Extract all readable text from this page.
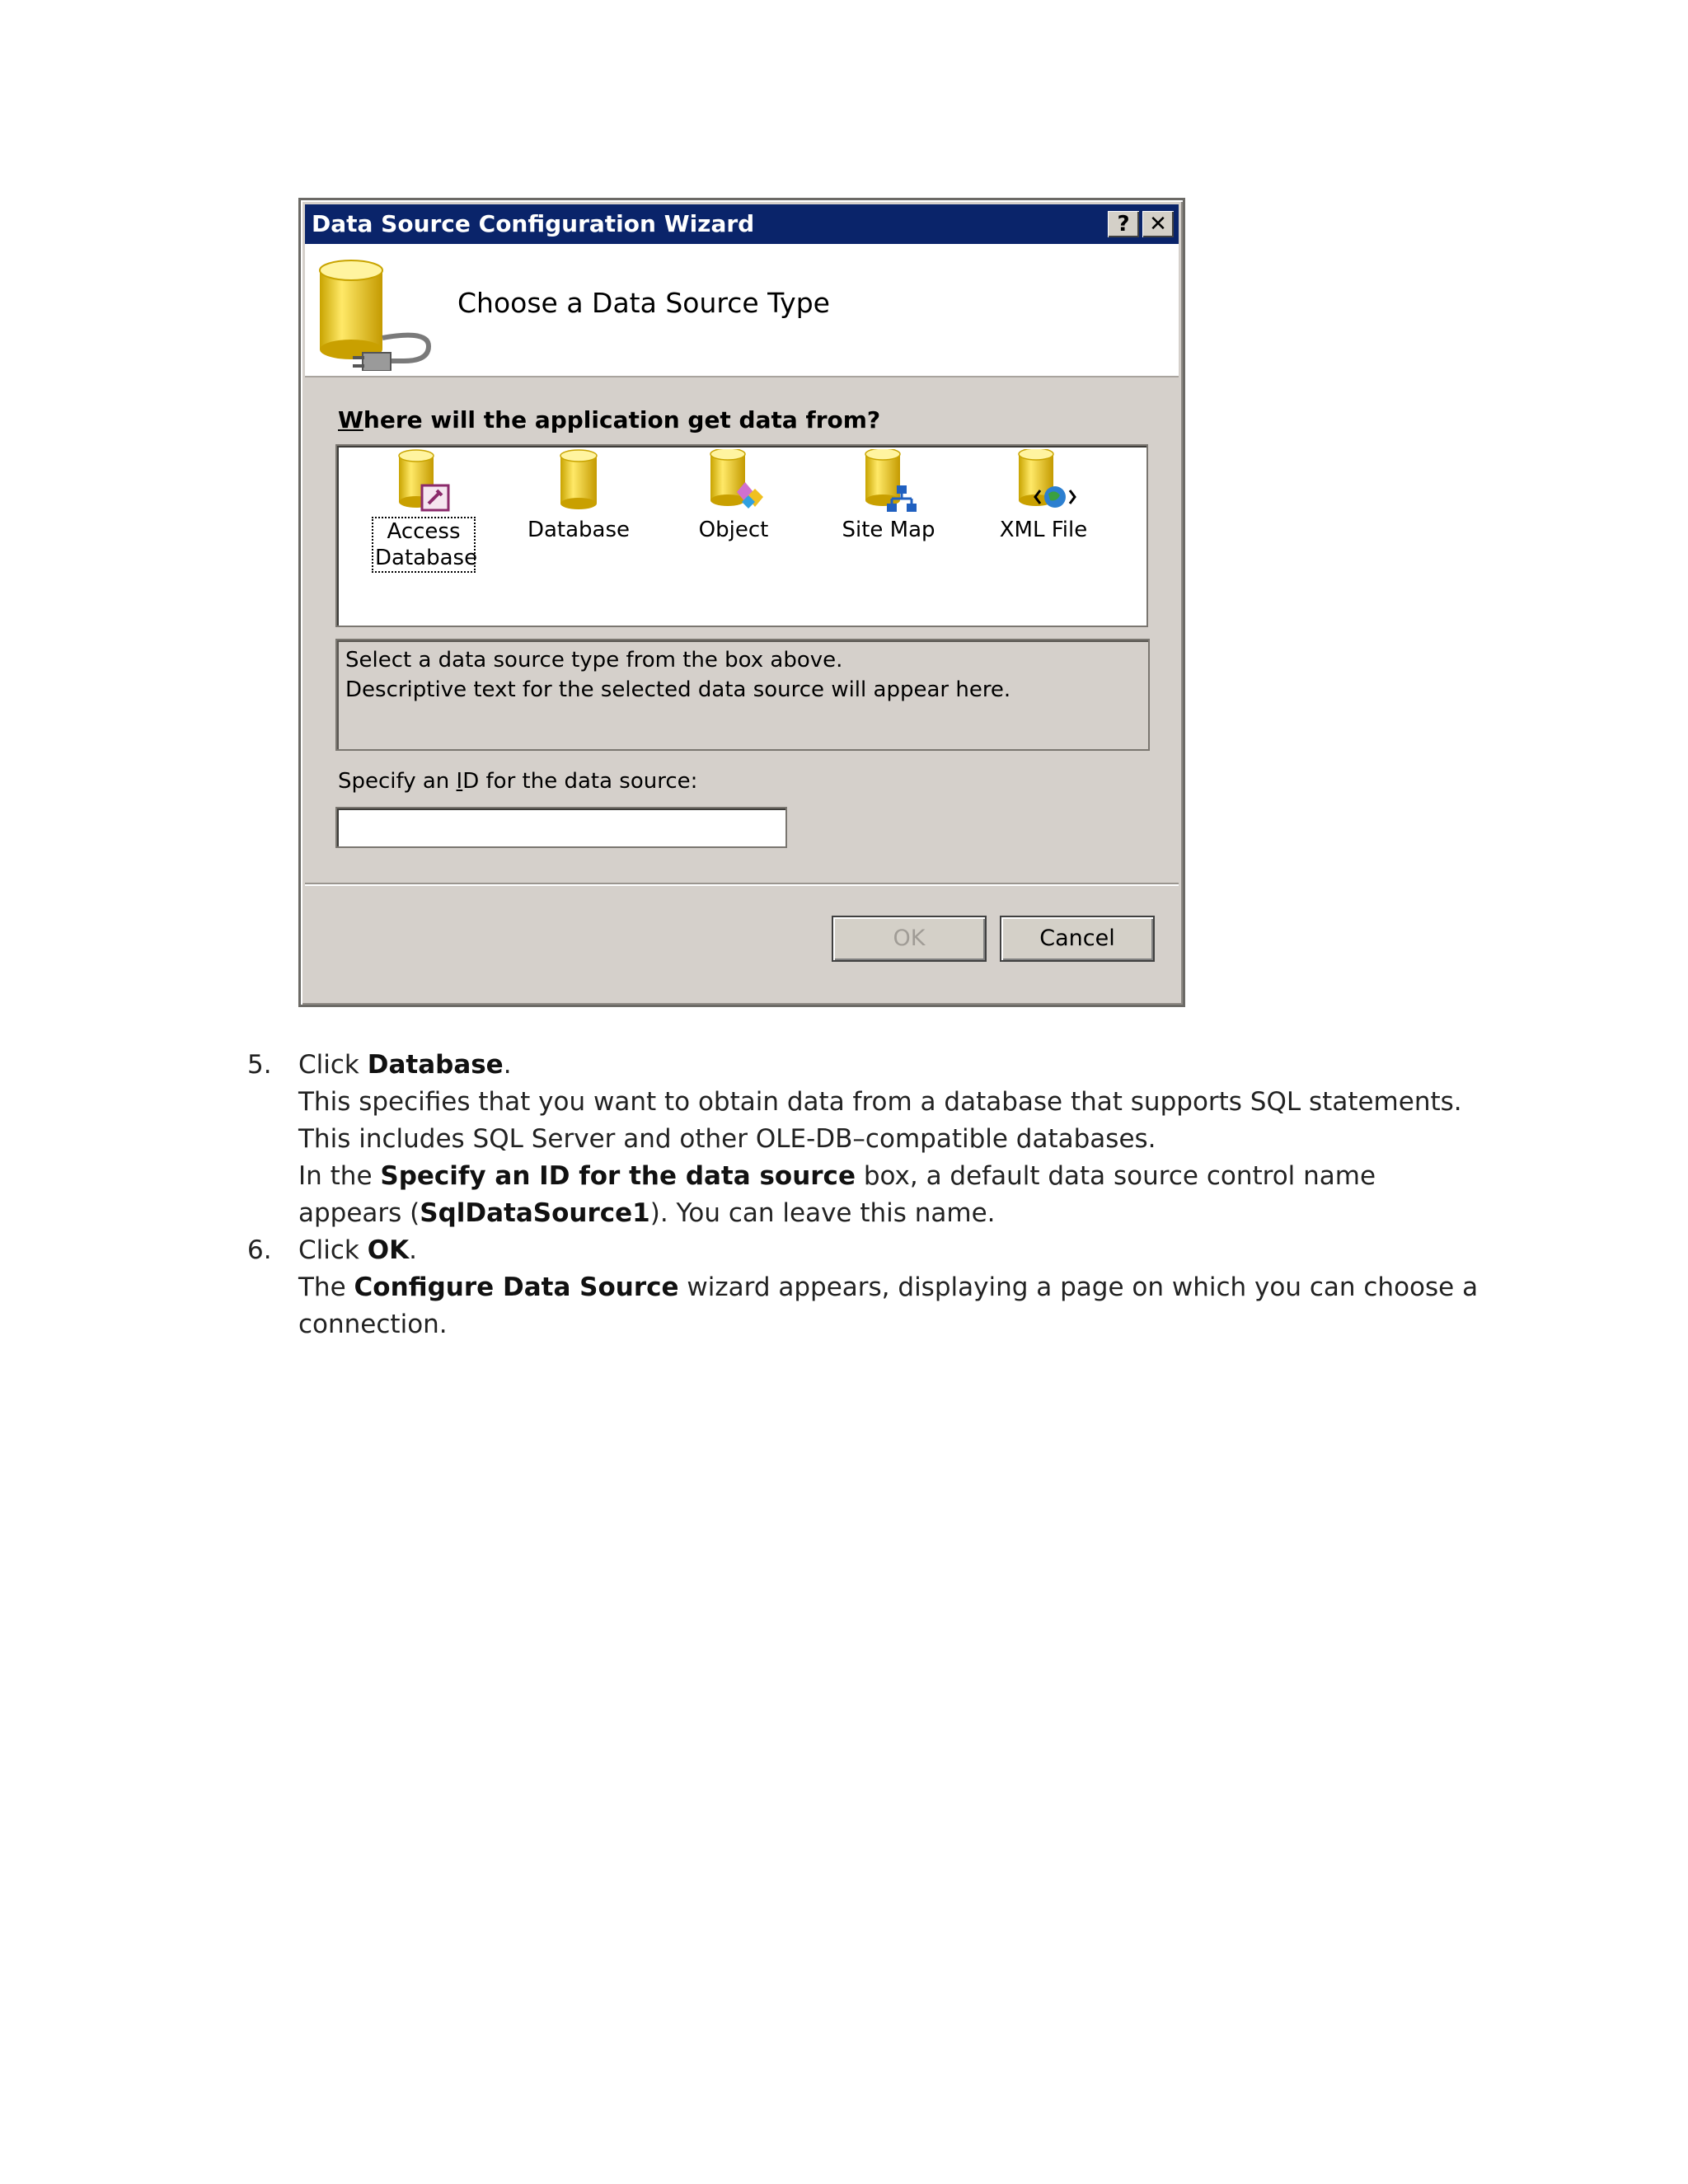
Data Source Configuration Wizard	? ✕
Choose a Data Source Type
Where will the application get data from?
Access Database
Database	Object	Site Map	XML File
Select a data source type from the box above.
Descriptive text for the selected data source will appear here.
Specify an ID for the data source:
OK	Cancel
5. Click Database.
This specifies that you want to obtain data from a database that supports SQL statements. This includes SQL Server and other OLE-DB–compatible databases.
In the Specify an ID for the data source box, a default data source control name appears (SqlDataSource1). You can leave this name.
6. Click OK.
The Configure Data Source wizard appears, displaying a page on which you can choose a connection.
